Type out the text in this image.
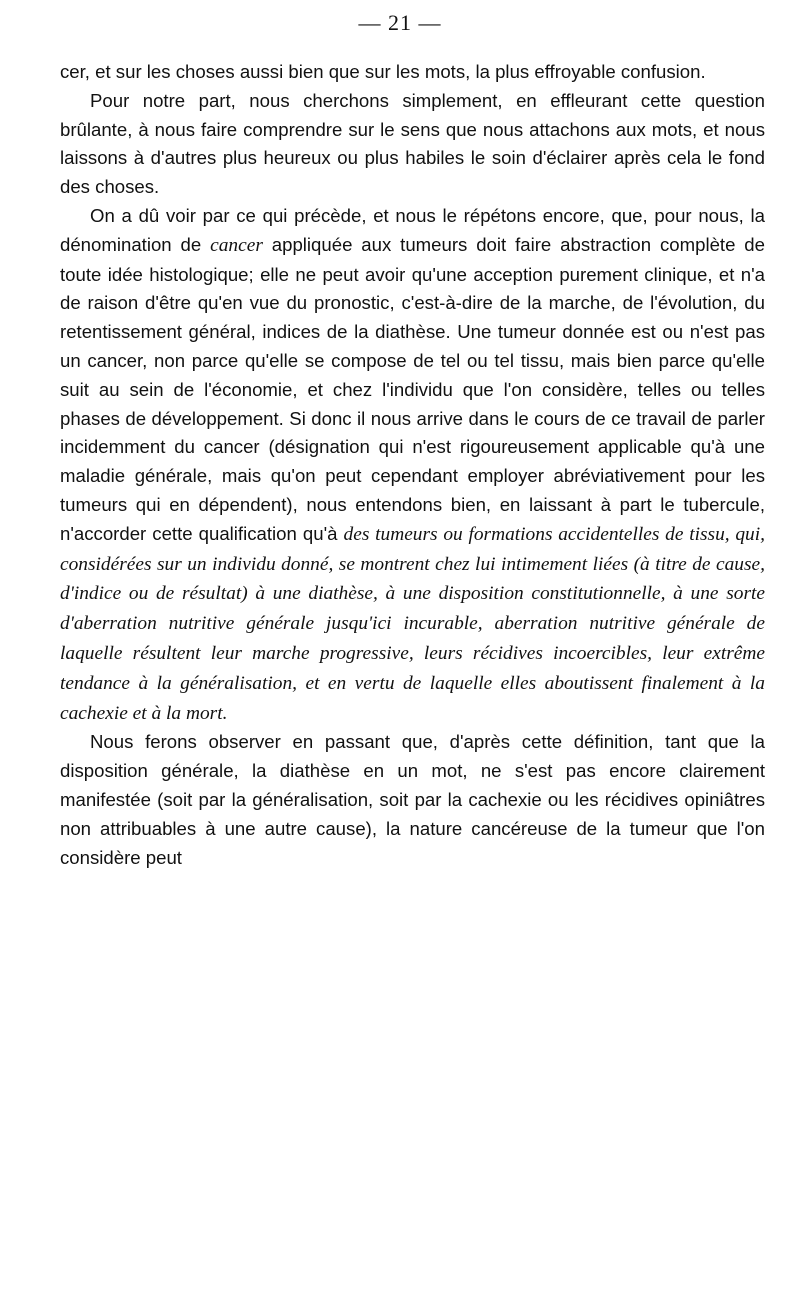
— 21 —

cer, et sur les choses aussi bien que sur les mots, la plus effroyable confusion.

Pour notre part, nous cherchons simplement, en effleurant cette question brûlante, à nous faire comprendre sur le sens que nous attachons aux mots, et nous laissons à d'autres plus heureux ou plus habiles le soin d'éclairer après cela le fond des choses.

On a dû voir par ce qui précède, et nous le répétons encore, que, pour nous, la dénomination de cancer appliquée aux tumeurs doit faire abstraction complète de toute idée histologique; elle ne peut avoir qu'une acception purement clinique, et n'a de raison d'être qu'en vue du pronostic, c'est-à-dire de la marche, de l'évolution, du retentissement général, indices de la diathèse. Une tumeur donnée est ou n'est pas un cancer, non parce qu'elle se compose de tel ou tel tissu, mais bien parce qu'elle suit au sein de l'économie, et chez l'individu que l'on considère, telles ou telles phases de développement. Si donc il nous arrive dans le cours de ce travail de parler incidemment du cancer (désignation qui n'est rigoureusement applicable qu'à une maladie générale, mais qu'on peut cependant employer abréviativement pour les tumeurs qui en dépendent), nous entendons bien, en laissant à part le tubercule, n'accorder cette qualification qu'à des tumeurs ou formations accidentelles de tissu, qui, considérées sur un individu donné, se montrent chez lui intimement liées (à titre de cause, d'indice ou de résultat) à une diathèse, à une disposition constitutionnelle, à une sorte d'aberration nutritive générale jusqu'ici incurable, aberration nutritive générale de laquelle résultent leur marche progressive, leurs récidives incoercibles, leur extrême tendance à la généralisation, et en vertu de laquelle elles aboutissent finalement à la cachexie et à la mort.

Nous ferons observer en passant que, d'après cette définition, tant que la disposition générale, la diathèse en un mot, ne s'est pas encore clairement manifestée (soit par la généralisation, soit par la cachexie ou les récidives opiniâtres non attribuables à une autre cause), la nature cancéreuse de la tumeur que l'on considère peut
